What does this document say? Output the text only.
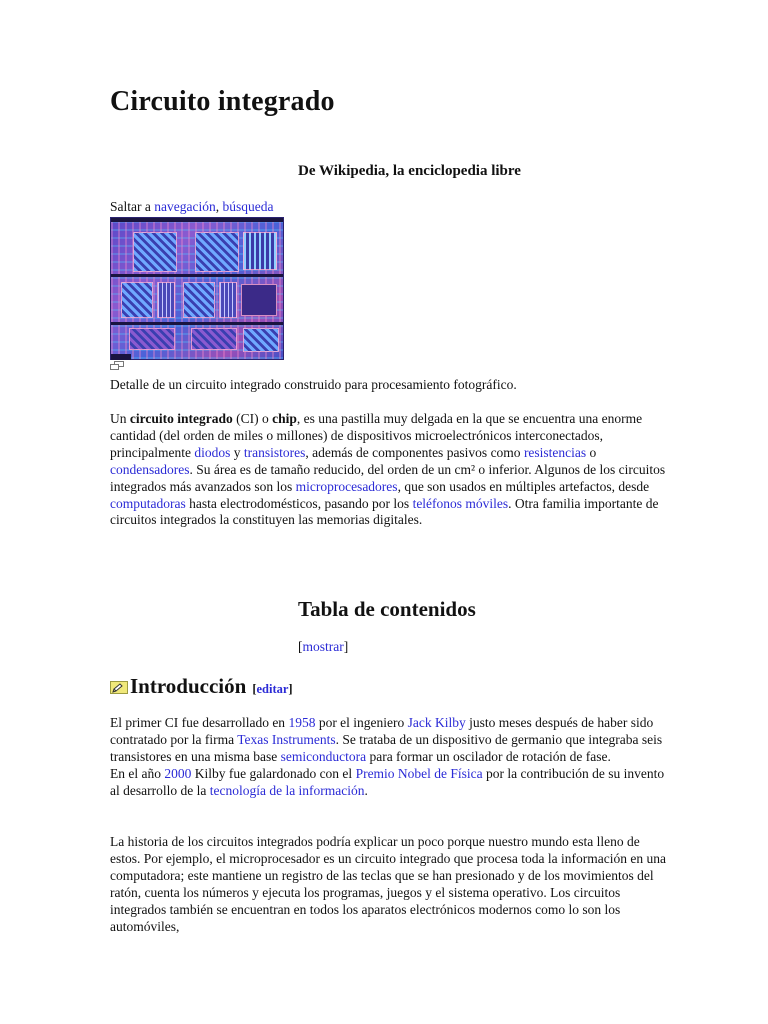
Circuito integrado
De Wikipedia, la enciclopedia libre
Saltar a navegación, búsqueda
Detalle de un circuito integrado construido para procesamiento fotográfico.

Un circuito integrado (CI) o chip, es una pastilla muy delgada en la que se encuentra una enorme cantidad (del orden de miles o millones) de dispositivos microelectrónicos interconectados, principalmente diodos y transistores, además de componentes pasivos como resistencias o condensadores. Su área es de tamaño reducido, del orden de un cm² o inferior. Algunos de los circuitos integrados más avanzados son los microprocesadores, que son usados en múltiples artefactos, desde computadoras hasta electrodomésticos, pasando por los teléfonos móviles. Otra familia importante de circuitos integrados la constituyen las memorias digitales.

Tabla de contenidos
[mostrar]
Introducción [editar]

El primer CI fue desarrollado en 1958 por el ingeniero Jack Kilby justo meses después de haber sido contratado por la firma Texas Instruments. Se trataba de un dispositivo de germanio que integraba seis transistores en una misma base semiconductora para formar un oscilador de rotación de fase.
En el año 2000 Kilby fue galardonado con el Premio Nobel de Física por la contribución de su invento al desarrollo de la tecnología de la información.

La historia de los circuitos integrados podría explicar un poco porque nuestro mundo esta lleno de estos. Por ejemplo, el microprocesador es un circuito integrado que procesa toda la información en una computadora; este mantiene un registro de las teclas que se han presionado y de los movimientos del ratón, cuenta los números y ejecuta los programas, juegos y el sistema operativo. Los circuitos integrados también se encuentran en todos los aparatos electrónicos modernos como lo son los automóviles,
